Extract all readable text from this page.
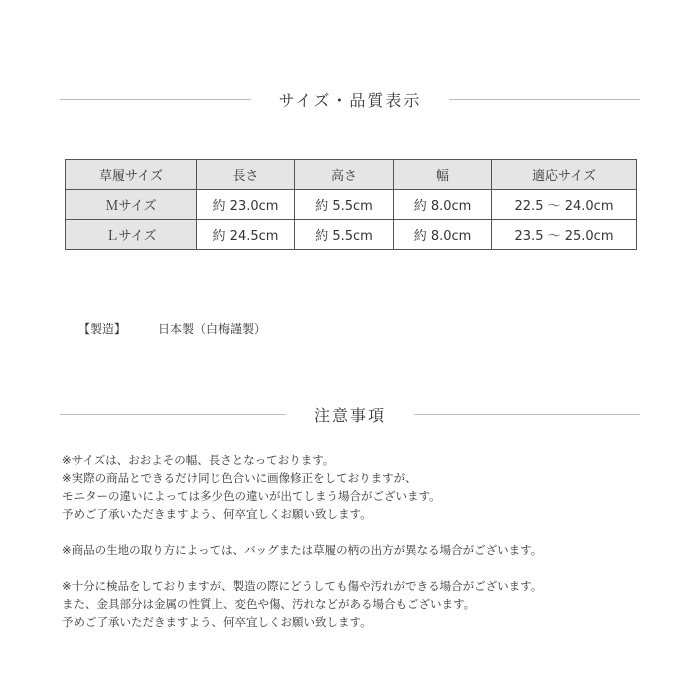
サイズ・品質表示
草履サイズ	長さ	高さ	幅	適応サイズ
Ｍサイズ	約 23.0cm	約 5.5cm	約 8.0cm	22.5 ～ 24.0cm
Ｌサイズ	約 24.5cm	約 5.5cm	約 8.0cm	23.5 ～ 25.0cm
【製造】	日本製（白梅謹製）
注意事項
※サイズは、おおよその幅、長さとなっております。
※実際の商品とできるだけ同じ色合いに画像修正をしておりますが、
モニターの違いによっては多少色の違いが出てしまう場合がございます。
予めご了承いただきますよう、何卒宜しくお願い致します。
※商品の生地の取り方によっては、バッグまたは草履の柄の出方が異なる場合がございます。
※十分に検品をしておりますが、製造の際にどうしても傷や汚れができる場合がございます。
また、金具部分は金属の性質上、変色や傷、汚れなどがある場合もございます。
予めご了承いただきますよう、何卒宜しくお願い致します。
